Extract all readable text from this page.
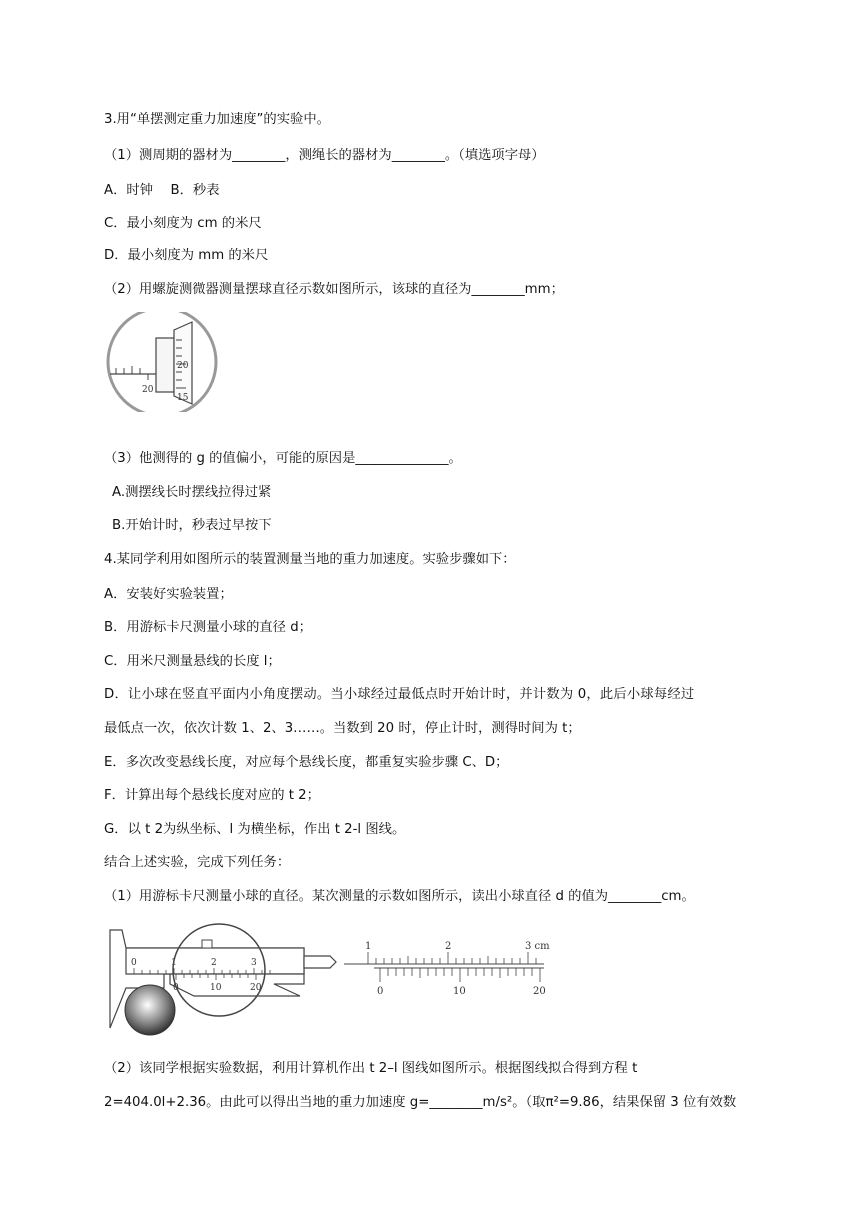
3.用“单摆测定重力加速度”的实验中。
（1）测周期的器材为________，测绳长的器材为________。（填选项字母）
A．时钟　 B．秒表
C．最小刻度为 cm 的米尺
D．最小刻度为 mm 的米尺
（2）用螺旋测微器测量摆球直径示数如图所示，该球的直径为________mm；
20
20
15
（3）他测得的 g 的值偏小，可能的原因是______________。
A.测摆线长时摆线拉得过紧
B.开始计时，秒表过早按下
4.某同学利用如图所示的装置测量当地的重力加速度。实验步骤如下：
A．安装好实验装置；
B．用游标卡尺测量小球的直径 d；
C．用米尺测量悬线的长度 l；
D．让小球在竖直平面内小角度摆动。当小球经过最低点时开始计时，并计数为 0，此后小球每经过
最低点一次，依次计数 1、2、3……。当数到 20 时，停止计时，测得时间为 t；
E．多次改变悬线长度，对应每个悬线长度，都重复实验步骤 C、D；
F．计算出每个悬线长度对应的 t 2；
G．以 t 2为纵坐标、l 为横坐标，作出 t 2-l 图线。
结合上述实验，完成下列任务：
（1）用游标卡尺测量小球的直径。某次测量的示数如图所示，读出小球直径 d 的值为________cm。
0	1	2	3
0	10	20
1	2	3 cm
0	10	20
（2）该同学根据实验数据，利用计算机作出 t 2–l 图线如图所示。根据图线拟合得到方程 t
2=404.0l+2.36。由此可以得出当地的重力加速度 g=________m/s²。（取π²=9.86，结果保留 3 位有效数
